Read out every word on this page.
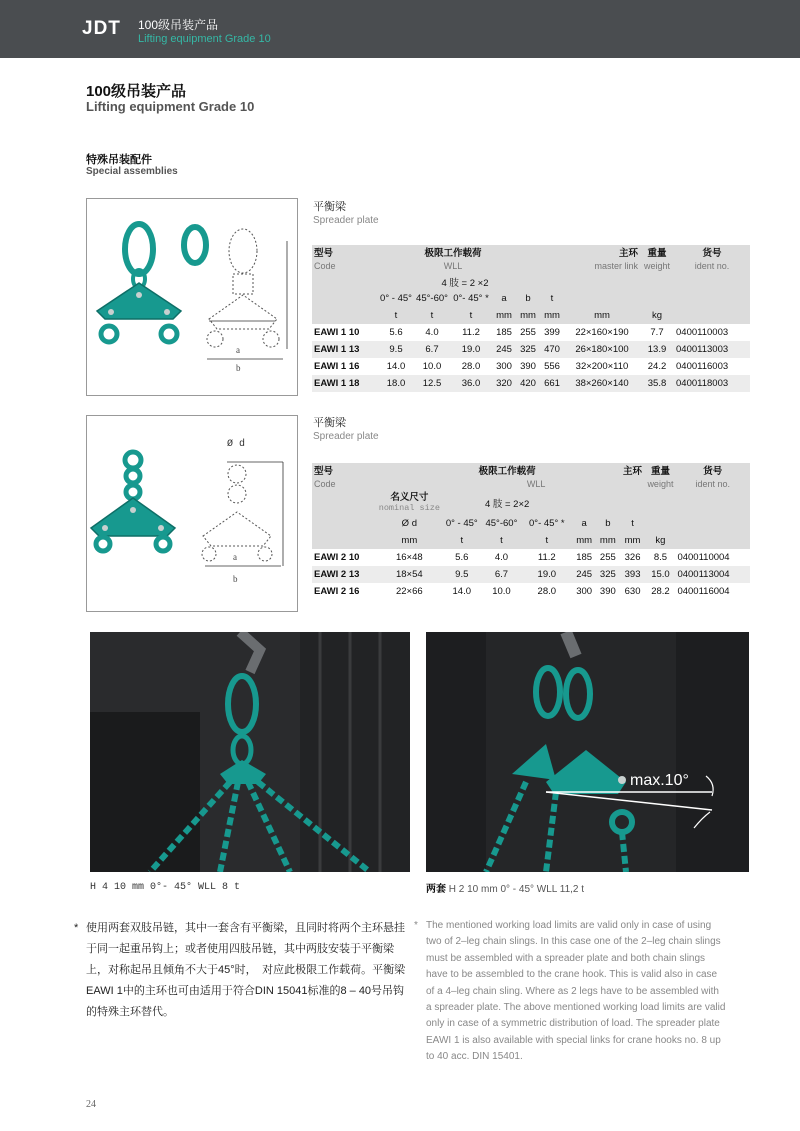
JDT 100级吊装产品
Lifting equipment Grade 10
100级吊装产品
Lifting equipment Grade 10
特殊吊装配件
Special assemblies
a
b
平衡梁
Spreader plate
型号		极限工作载荷					主环	重量	货号
Code		WLL					master link	weight	ident no.
		4 肢 = 2 ×2							
	0° - 45°	45°-60°	0°- 45° *	a	b	t			
	t	t	t	mm	mm	mm	mm	kg	
EAWI 1 10	5.6	4.0	11.2	185	255	399	22×160×190	7.7	0400110003
EAWI 1 13	9.5	6.7	19.0	245	325	470	26×180×100	13.9	0400113003
EAWI 1 16	14.0	10.0	28.0	300	390	556	32×200×110	24.2	0400116003
EAWI 1 18	18.0	12.5	36.0	320	420	661	38×260×140	35.8	0400118003
Ø d
a
b
平衡梁
Spreader plate
型号		极限工作载荷					主环	重量	货号
Code		WLL						weight	ident no.

	名义尺寸
nominal size	4 肢 = 2×2							
	Ø d	0° - 45°	45°-60°	0°- 45° *	a	b	t		
	mm	t	t	t	mm	mm	mm	kg	
EAWI 2 10	16×48	5.6	4.0	11.2	185	255	326	8.5	0400110004
EAWI 2 13	18×54	9.5	6.7	19.0	245	325	393	15.0	0400113004
EAWI 2 16	22×66	14.0	10.0	28.0	300	390	630	28.2	0400116004
max.10°
H 4 10 mm 0°- 45° WLL 8 t	两套 H 2 10 mm 0° - 45° WLL 11,2 t
* 使用两套双肢吊链，其中一套含有平衡梁，且同时将两个主环悬挂于同一起重吊钩上；或者使用四肢吊链，其中两肢安装于平衡梁上，对称起吊且倾角不大于45°时，　对应此极限工作载荷。平衡梁EAWI 1中的主环也可由适用于符合DIN 15041标准的8 – 40号吊钩的特殊主环替代。
* The mentioned working load limits are valid only in case of using two of 2–leg chain slings. In this case one of the 2–leg chain slings must be assembled with a spreader plate and both chain slings have to be assembled to the crane hook. This is valid also in case of a 4–leg chain sling. Where as 2 legs have to be assembled with a spreader plate. The above mentioned working load limits are valid only in case of a symmetric distribution of load. The spreader plate EAWI 1 is also available with special links for crane hooks no. 8 up to 40 acc. DIN 15401.
24
